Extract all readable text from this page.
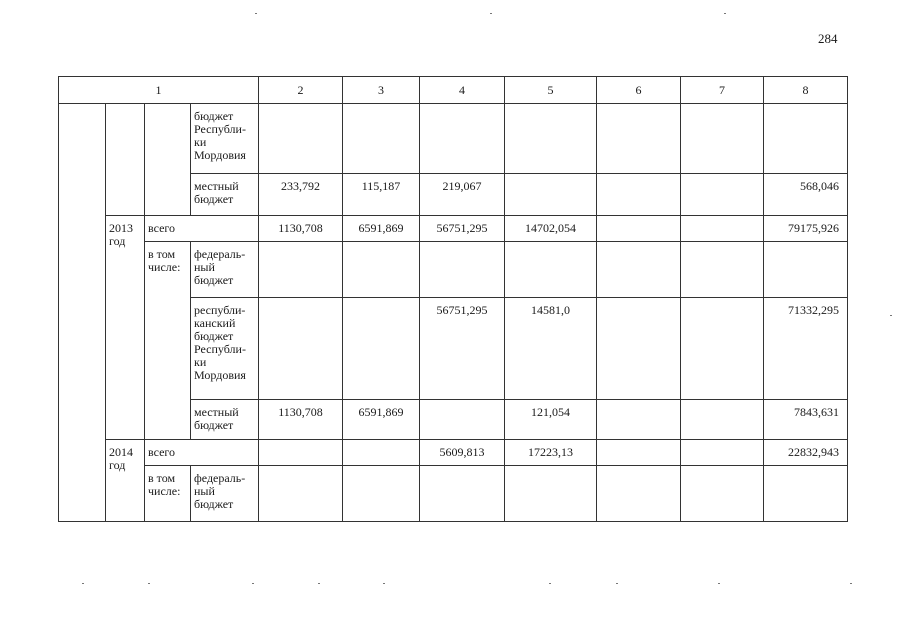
284
1				2	3	4	5	6	7	8

			бюджет Республи-ки Мордовия							

			местный бюджет	233,792	115,187	219,067				568,046

	2013 год	всего		1130,708	6591,869	56751,295	14702,054			79175,926

		в том числе:	федераль-ный бюджет							

			республи-канский бюджет Республи-ки Мордовия			56751,295	14581,0			71332,295

			местный бюджет	1130,708	6591,869		121,054			7843,631

	2014 год	всего				5609,813	17223,13			22832,943

		в том числе:	федераль-ный бюджет							
